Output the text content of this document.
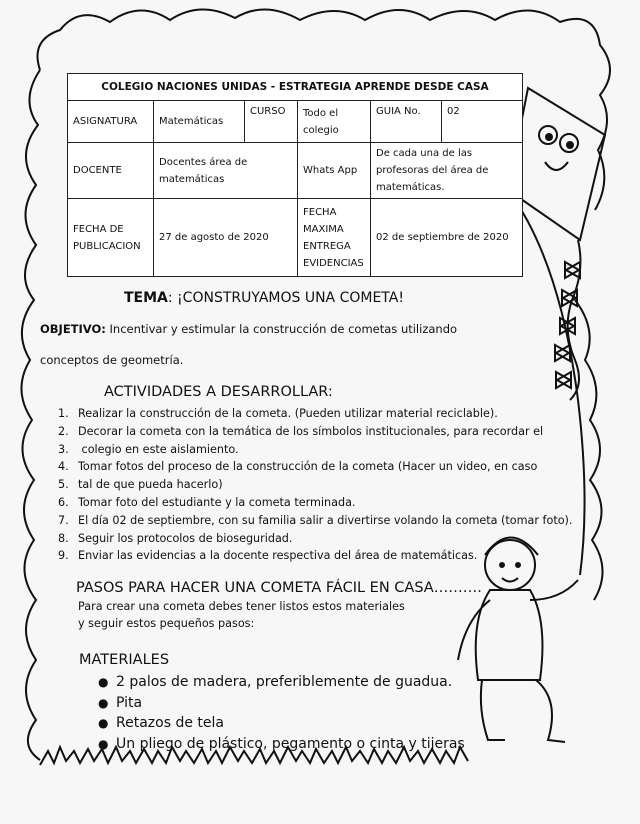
COLEGIO NACIONES UNIDAS - ESTRATEGIA APRENDE DESDE CASA					
ASIGNATURA	Matemáticas	CURSO	Todo el colegio	GUIA No.	02
DOCENTE	Docentes área de matemáticas		Whats App	De cada una de las profesoras del área de matemáticas.	
FECHA DE PUBLICACION	27 de agosto de 2020		FECHA MAXIMA ENTREGA EVIDENCIAS	02 de septiembre de 2020	
TEMA: ¡CONSTRUYAMOS UNA COMETA!
OBJETIVO: Incentivar y estimular la construcción de cometas utilizando
conceptos de geometría.
ACTIVIDADES A DESARROLLAR:
1. Realizar la construcción de la cometa. (Pueden utilizar material reciclable).
2. Decorar la cometa con la temática de los símbolos institucionales, para recordar el
3. colegio en este aislamiento.
4. Tomar fotos del proceso de la construcción de la cometa (Hacer un video, en caso
5. tal de que pueda hacerlo)
6. Tomar foto del estudiante y la cometa terminada.
7. El día 02 de septiembre, con su familia salir a divertirse volando la cometa (tomar foto).
8. Seguir los protocolos de bioseguridad.
9. Enviar las evidencias a la docente respectiva del área de matemáticas.
PASOS PARA HACER UNA COMETA FÁCIL EN CASA……….
Para crear una cometa debes tener listos estos materiales
y seguir estos pequeños pasos:
MATERIALES
● 2 palos de madera, preferiblemente de guadua.
● Pita
● Retazos de tela
● Un pliego de plástico, pegamento o cinta y tijeras
